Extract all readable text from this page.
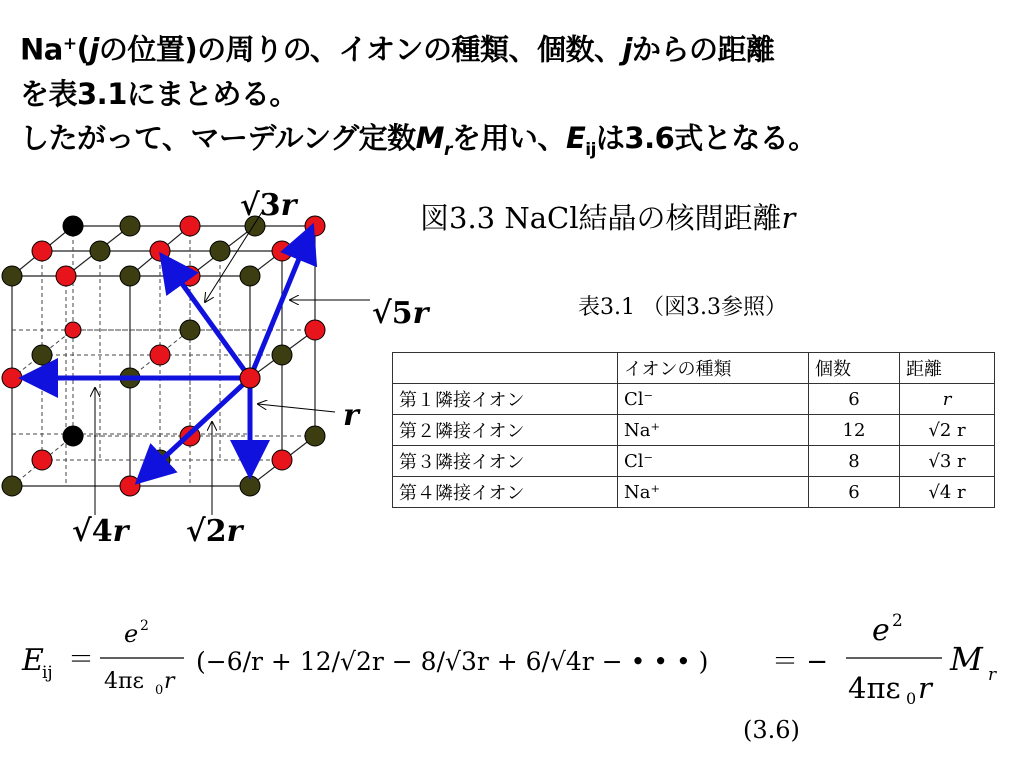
Na+(jの位置)の周りの、イオンの種類、個数、jからの距離
を表3.1にまとめる。
したがって、マーデルング定数$M_r$を用い、$E_{ij}$は3.6式となる。
√3r
√5r
r
√4r √2r
図3.3 NaCl結晶の核間距離r
表3.1 （図3.3参照）
	イオンの種類	個数	距離
第１隣接イオン	Cl⁻	6	r
第２隣接イオン	Na⁺	12	√2 r
第３隣接イオン	Cl⁻	8	√3 r
第４隣接イオン	Na⁺	6	√4 r
E
ij ＝
e 2
4πε 0 r
(−6/r + 12/√2r − 8/√3r + 6/√4r − • • • ) ＝ −
e 2
4πε 0 r
M r
(3.6)
